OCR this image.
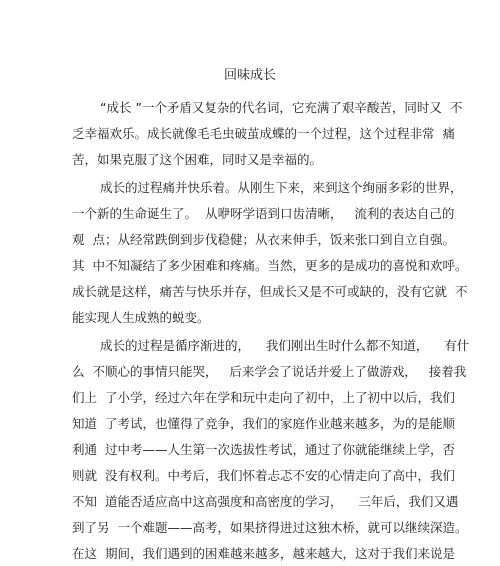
回味成长
“成长 ”一个矛盾又复杂的代名词，它充满了艰辛酸苦，同时又  不
乏幸福欢乐。成长就像毛毛虫破茧成蝶的一个过程，这个过程非常  痛
苦，如果克服了这个困难，同时又是幸福的。
成长的过程痛并快乐着。从刚生下来，来到这个绚丽多彩的世界，
一个新的生命诞生了。  从咿呀学语到口齿清晰，   流利的表达自己的
观  点；从经常跌倒到步伐稳健；从衣来伸手，饭来张口到自立自强。
其  中不知凝结了多少困难和疼痛。当然，更多的是成功的喜悦和欢呼。
成长就是这样，痛苦与快乐并存，但成长又是不可或缺的，没有它就  不
能实现人生成熟的蜕变。
成长的过程是循序渐进的，    我们刚出生时什么都不知道，    有什
么  不顺心的事情只能哭，   后来学会了说话并爱上了做游戏，   接着我
们上  了小学，经过六年在学和玩中走向了初中，上了初中以后，我们
知道  了考试，也懂得了竞争，我们的家庭作业越来越多，为的是能顺
利通  过中考——人生第一次选拔性考试，通过了你就能继续上学，否
则就  没有权利。中考后，我们怀着忐忑不安的心情走向了高中，我们
不知  道能否适应高中这高强度和高密度的学习，    三年后，我们又遇
到了另  一个难题——高考，如果挤得进过这独木桥，就可以继续深造。
在这  期间，我们遇到的困难越来越多，越来越大，这对于我们来说是
